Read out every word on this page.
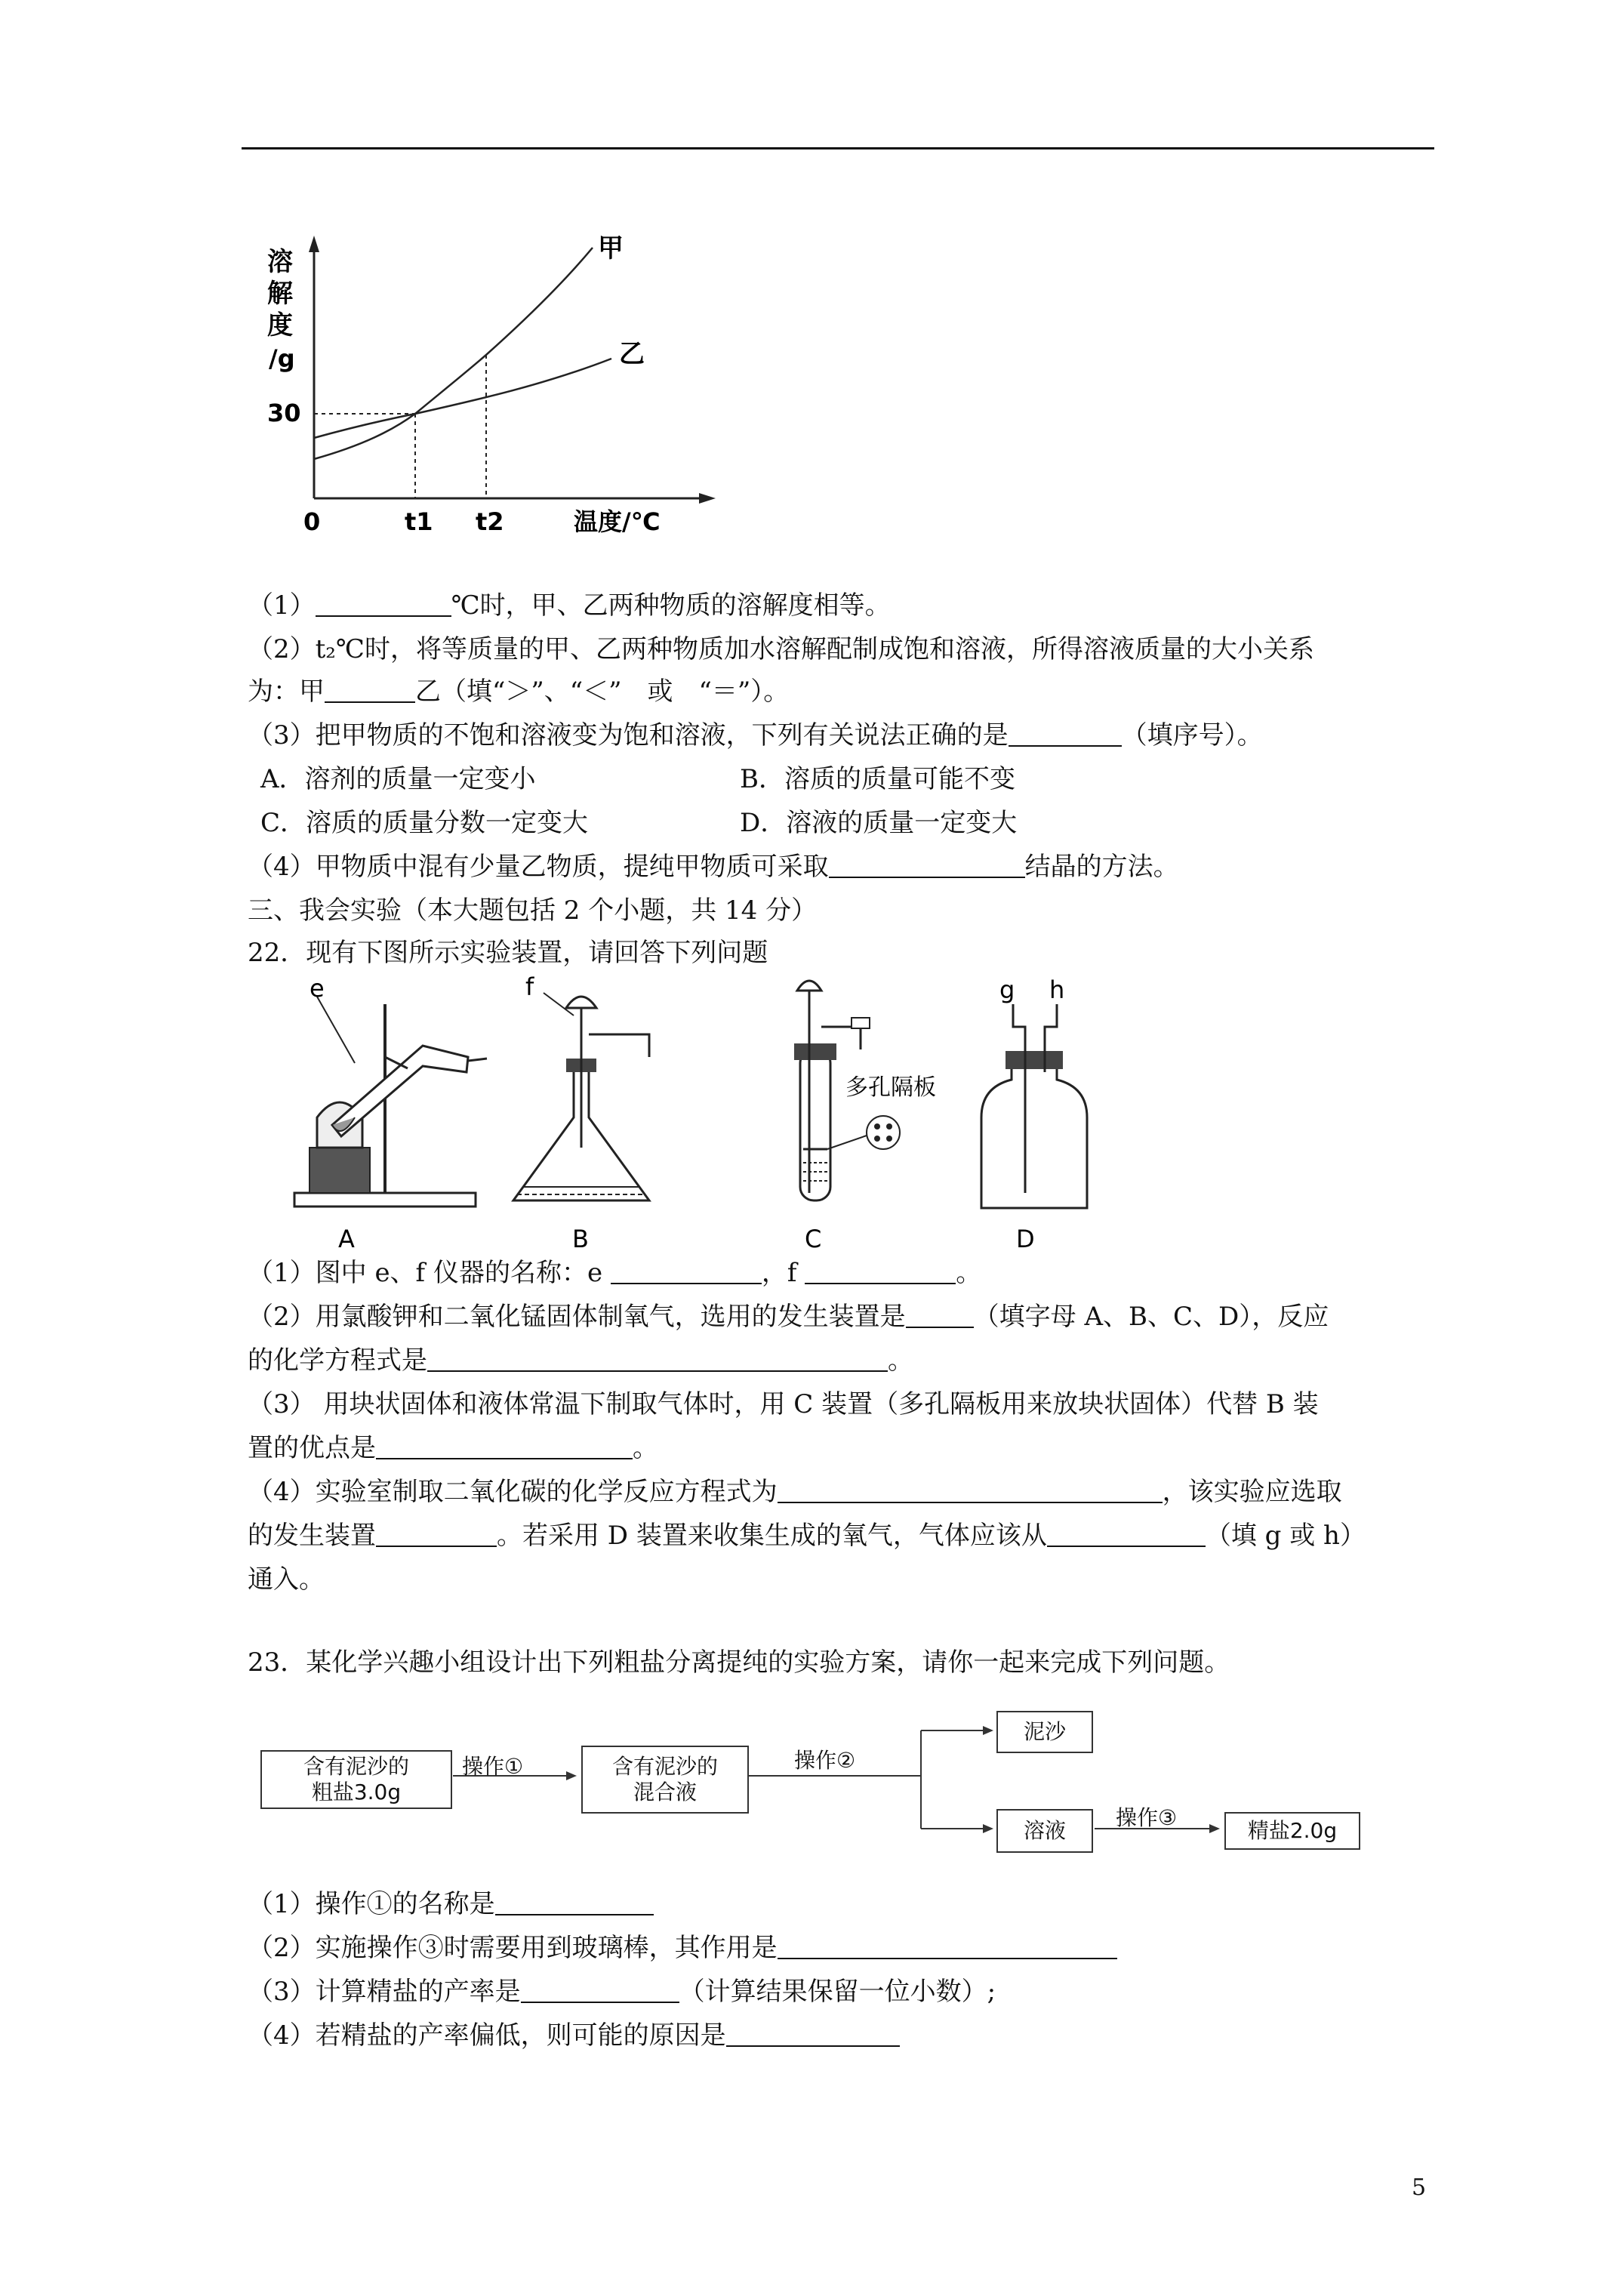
溶
解
度
/g
30
0	t1 t2	温度/℃
甲
乙
（1）	℃时，甲、乙两种物质的溶解度相等。
（2）t₂℃时，将等质量的甲、乙两种物质加水溶解配制成饱和溶液，所得溶液质量的大小关系
为：甲	乙（填“＞”、“＜”　或　“＝”）。
（3）把甲物质的不饱和溶液变为饱和溶液，下列有关说法正确的是	（填序号）。
A．溶剂的质量一定变小	B．溶质的质量可能不变
C．溶质的质量分数一定变大	D．溶液的质量一定变大
（4）甲物质中混有少量乙物质，提纯甲物质可采取	结晶的方法。
三、我会实验（本大题包括 2 个小题，共 14 分）
22．现有下图所示实验装置，请回答下列问题
e
A
f
B
多孔隔板
C
g h
D
（1）图中 e、f 仪器的名称：e	，f	。
（2）用氯酸钾和二氧化锰固体制氧气，选用的发生装置是	（填字母 A、B、C、D），反应
的化学方程式是	。
（3） 用块状固体和液体常温下制取气体时，用 C 装置（多孔隔板用来放块状固体）代替 B 装
置的优点是	。
（4）实验室制取二氧化碳的化学反应方程式为	，该实验应选取
的发生装置	。若采用 D 装置来收集生成的氧气，气体应该从	（填 g 或 h）
通入。
23．某化学兴趣小组设计出下列粗盐分离提纯的实验方案，请你一起来完成下列问题。
含有泥沙的
粗盐3.0g
操作①	含有泥沙的
混合液
操作②
泥沙
溶液
操作③
精盐2.0g
（1）操作①的名称是
（2）实施操作③时需要用到玻璃棒，其作用是
（3）计算精盐的产率是	（计算结果保留一位小数）;
（4）若精盐的产率偏低，则可能的原因是
5
